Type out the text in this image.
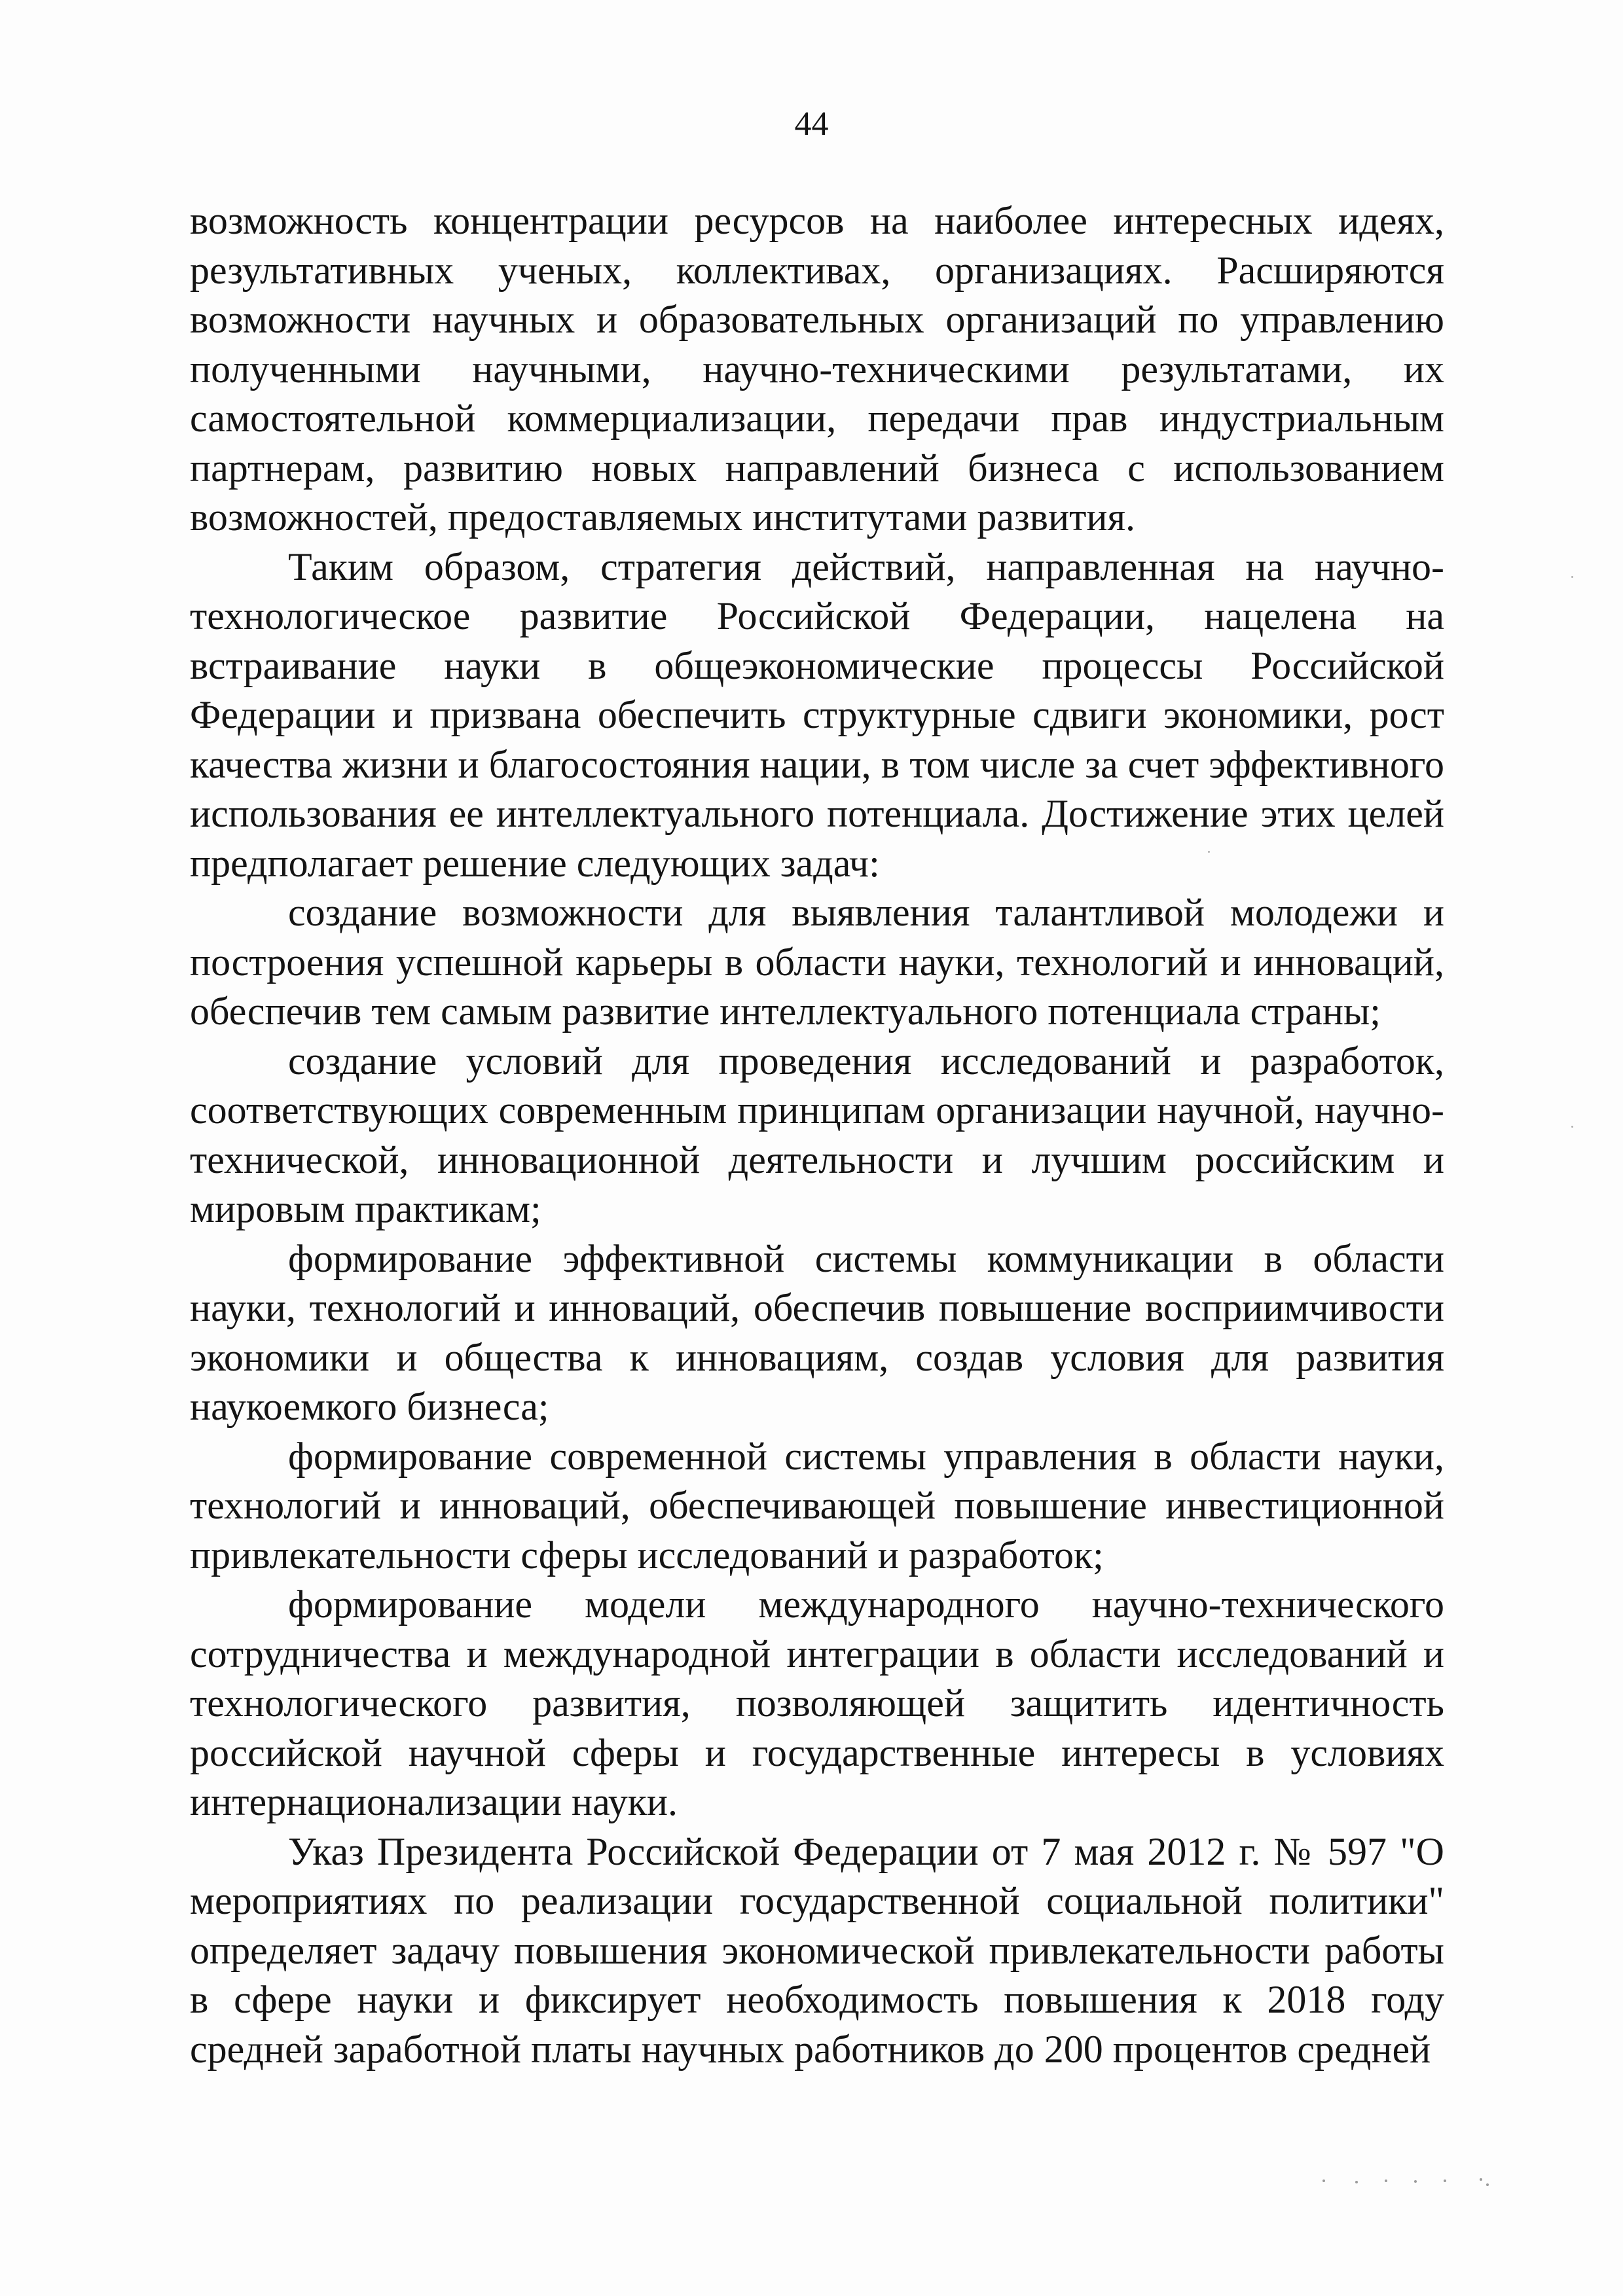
44

возможность концентрации ресурсов на наиболее интересных идеях, результативных ученых, коллективах, организациях. Расширяются возможности научных и образовательных организаций по управлению полученными научными, научно-техническими результатами, их самостоятельной коммерциализации, передачи прав индустриальным партнерам, развитию новых направлений бизнеса с использованием возможностей, предоставляемых институтами развития.

Таким образом, стратегия действий, направленная на научно-технологическое развитие Российской Федерации, нацелена на встраивание науки в общеэкономические процессы Российской Федерации и призвана обеспечить структурные сдвиги экономики, рост качества жизни и благосостояния нации, в том числе за счет эффективного использования ее интеллектуального потенциала. Достижение этих целей предполагает решение следующих задач:

создание возможности для выявления талантливой молодежи и построения успешной карьеры в области науки, технологий и инноваций, обеспечив тем самым развитие интеллектуального потенциала страны;

создание условий для проведения исследований и разработок, соответствующих современным принципам организации научной, научно-технической, инновационной деятельности и лучшим российским и мировым практикам;

формирование эффективной системы коммуникации в области науки, технологий и инноваций, обеспечив повышение восприимчивости экономики и общества к инновациям, создав условия для развития наукоемкого бизнеса;

формирование современной системы управления в области науки, технологий и инноваций, обеспечивающей повышение инвестиционной привлекательности сферы исследований и разработок;

формирование модели международного научно-технического сотрудничества и международной интеграции в области исследований и технологического развития, позволяющей защитить идентичность российской научной сферы и государственные интересы в условиях интернационализации науки.

Указ Президента Российской Федерации от 7 мая 2012 г. № 597 "О мероприятиях по реализации государственной социальной политики" определяет задачу повышения экономической привлекательности работы в сфере науки и фиксирует необходимость повышения к 2018 году средней заработной платы научных работников до 200 процентов средней
